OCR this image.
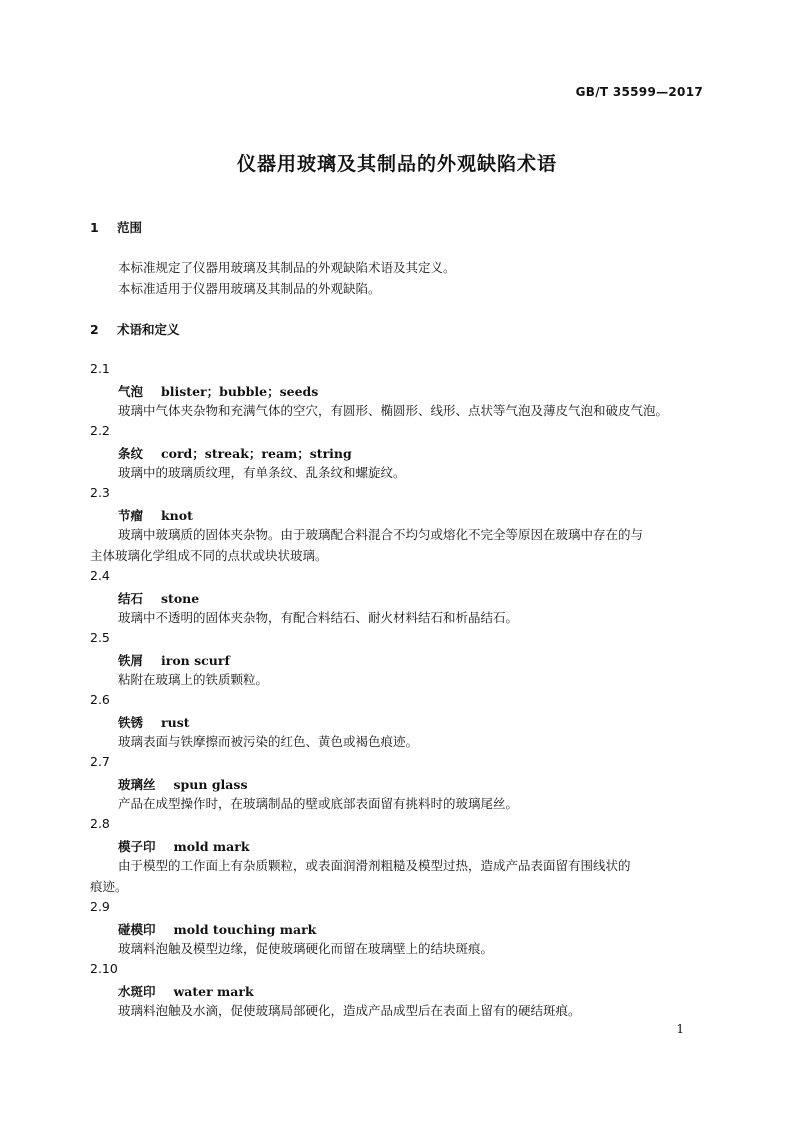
GB/T 35599—2017
仪器用玻璃及其制品的外观缺陷术语
1 范围
本标准规定了仪器用玻璃及其制品的外观缺陷术语及其定义。
本标准适用于仪器用玻璃及其制品的外观缺陷。
2 术语和定义
2.1
气泡 blister；bubble；seeds
玻璃中气体夹杂物和充满气体的空穴，有圆形、椭圆形、线形、点状等气泡及薄皮气泡和破皮气泡。
2.2
条纹 cord；streak；ream；string
玻璃中的玻璃质纹理，有单条纹、乱条纹和螺旋纹。
2.3
节瘤 knot
玻璃中玻璃质的固体夹杂物。由于玻璃配合料混合不均匀或熔化不完全等原因在玻璃中存在的与
主体玻璃化学组成不同的点状或块状玻璃。
2.4
结石 stone
玻璃中不透明的固体夹杂物，有配合料结石、耐火材料结石和析晶结石。
2.5
铁屑 iron scurf
粘附在玻璃上的铁质颗粒。
2.6
铁锈 rust
玻璃表面与铁摩擦而被污染的红色、黄色或褐色痕迹。
2.7
玻璃丝 spun glass
产品在成型操作时，在玻璃制品的壁或底部表面留有挑料时的玻璃尾丝。
2.8
模子印 mold mark
由于模型的工作面上有杂质颗粒，或表面润滑剂粗糙及模型过热，造成产品表面留有围线状的
痕迹。
2.9
碰模印 mold touching mark
玻璃料泡触及模型边缘，促使玻璃硬化而留在玻璃壁上的结块斑痕。
2.10
水斑印 water mark
玻璃料泡触及水滴，促使玻璃局部硬化，造成产品成型后在表面上留有的硬结斑痕。
1
